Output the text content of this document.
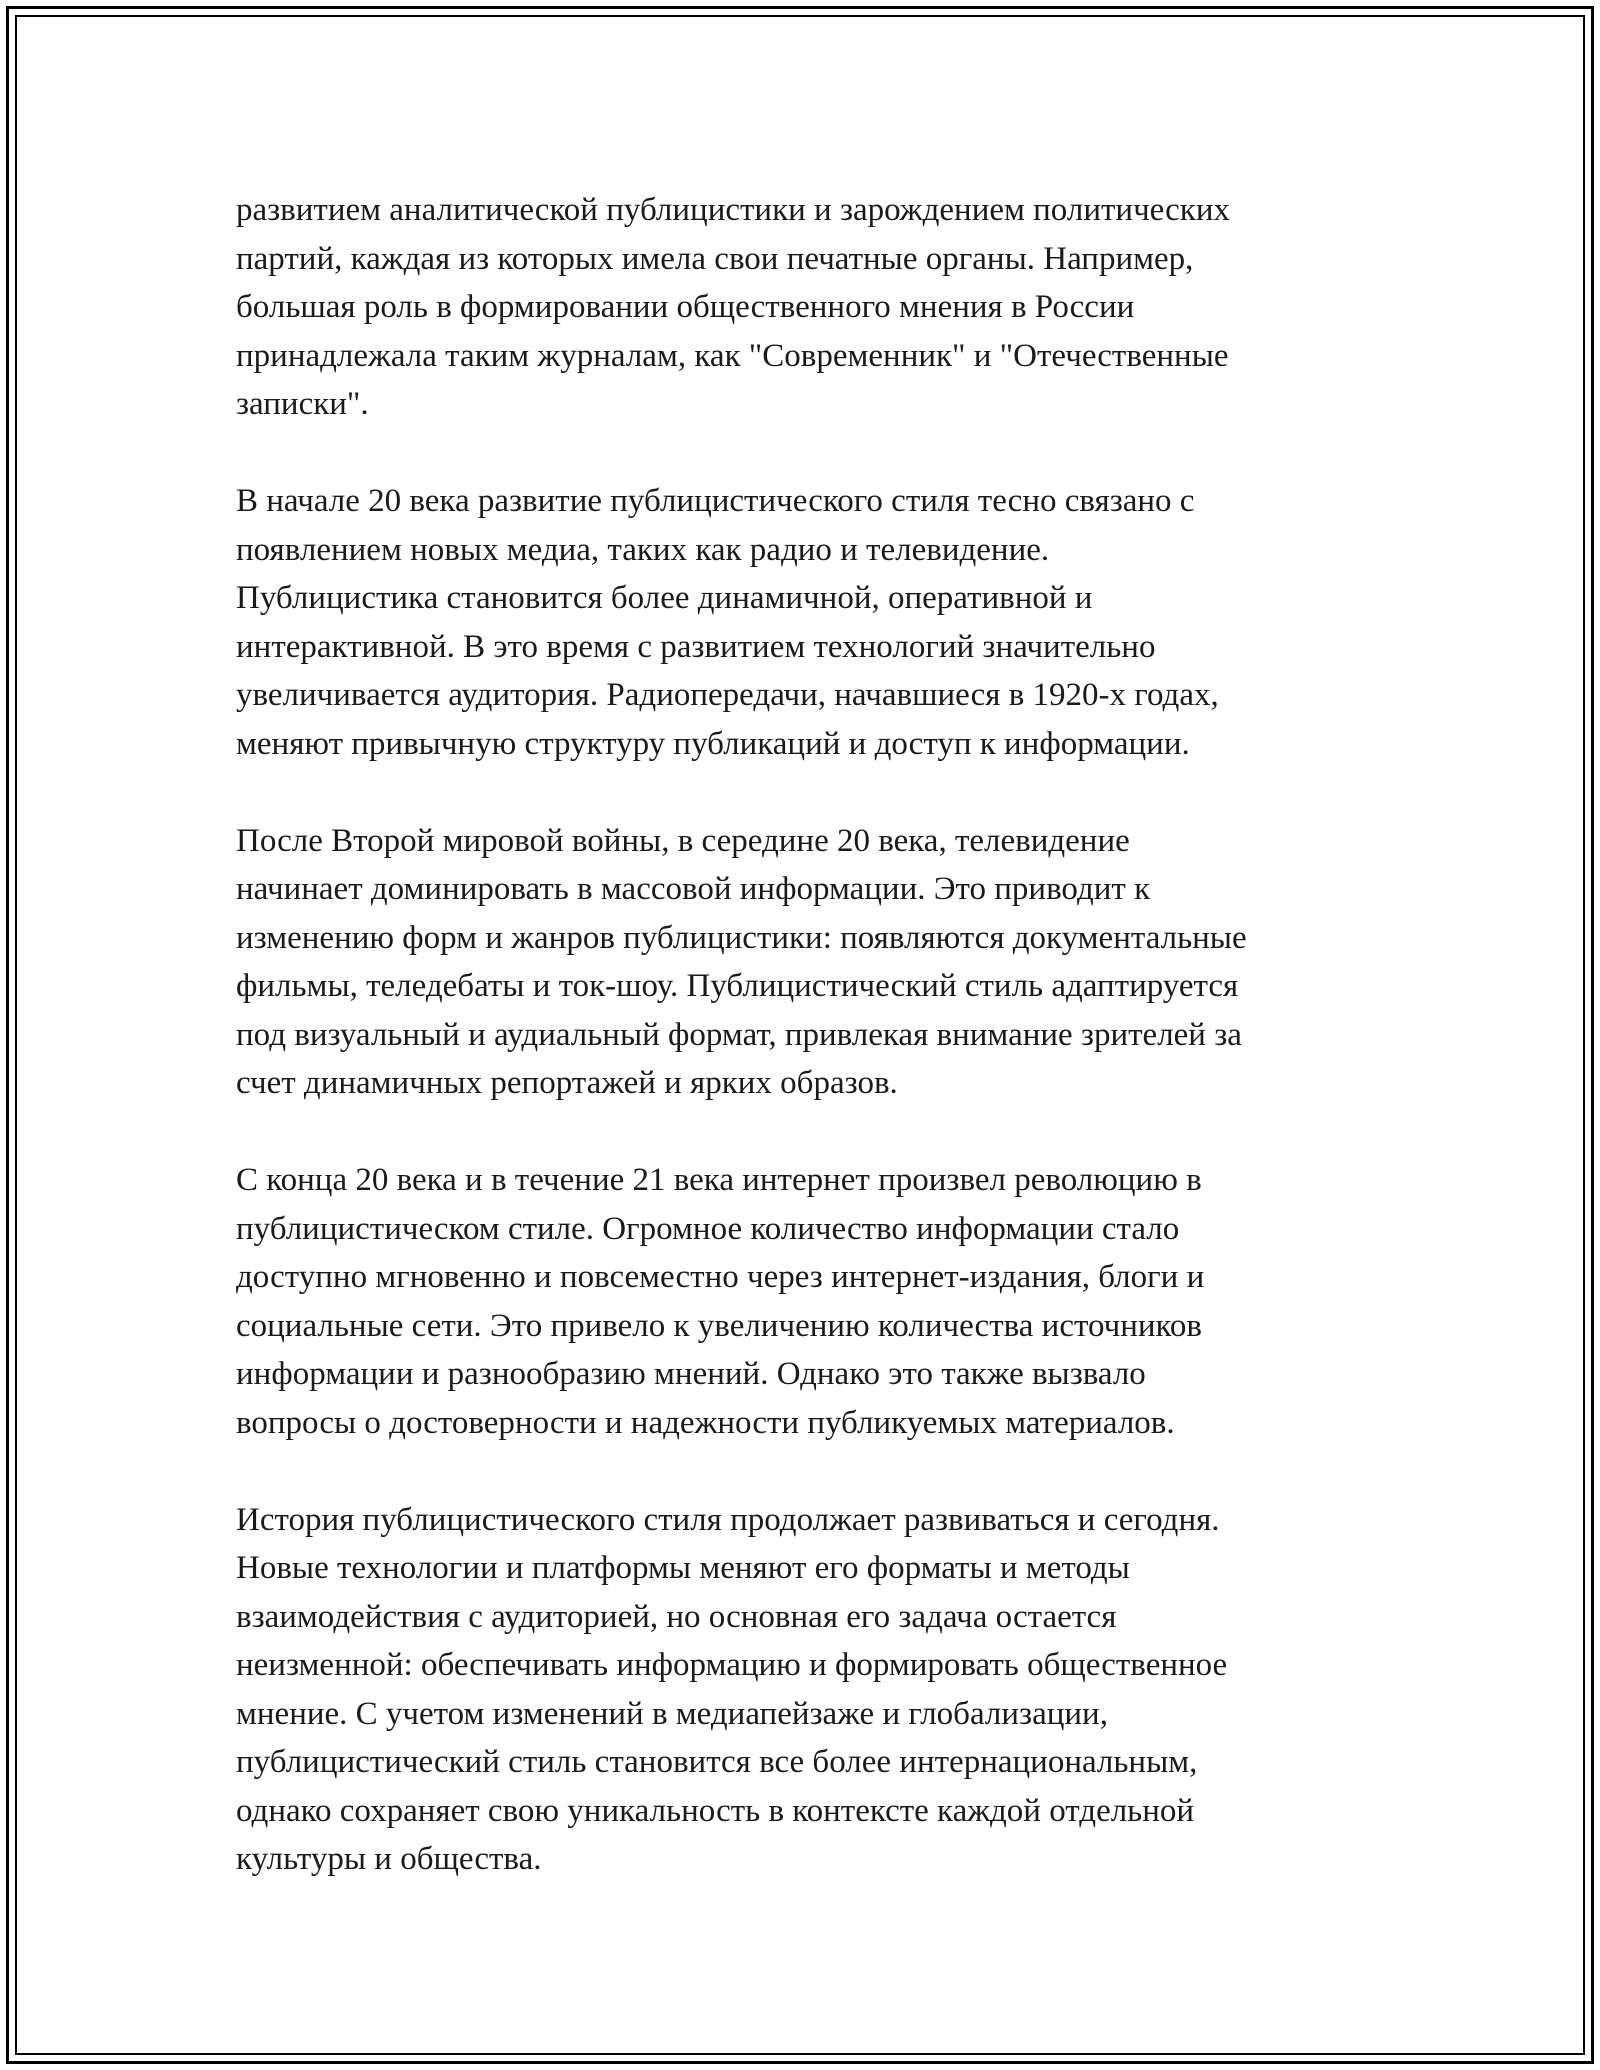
развитием аналитической публицистики и зарождением политических
партий, каждая из которых имела свои печатные органы. Например,
большая роль в формировании общественного мнения в России
принадлежала таким журналам, как "Современник" и "Отечественные
записки".

В начале 20 века развитие публицистического стиля тесно связано с
появлением новых медиа, таких как радио и телевидение.
Публицистика становится более динамичной, оперативной и
интерактивной. В это время с развитием технологий значительно
увеличивается аудитория. Радиопередачи, начавшиеся в 1920-х годах,
меняют привычную структуру публикаций и доступ к информации.

После Второй мировой войны, в середине 20 века, телевидение
начинает доминировать в массовой информации. Это приводит к
изменению форм и жанров публицистики: появляются документальные
фильмы, теледебаты и ток-шоу. Публицистический стиль адаптируется
под визуальный и аудиальный формат, привлекая внимание зрителей за
счет динамичных репортажей и ярких образов.

С конца 20 века и в течение 21 века интернет произвел революцию в
публицистическом стиле. Огромное количество информации стало
доступно мгновенно и повсеместно через интернет-издания, блоги и
социальные сети. Это привело к увеличению количества источников
информации и разнообразию мнений. Однако это также вызвало
вопросы о достоверности и надежности публикуемых материалов.

История публицистического стиля продолжает развиваться и сегодня.
Новые технологии и платформы меняют его форматы и методы
взаимодействия с аудиторией, но основная его задача остается
неизменной: обеспечивать информацию и формировать общественное
мнение. С учетом изменений в медиапейзаже и глобализации,
публицистический стиль становится все более интернациональным,
однако сохраняет свою уникальность в контексте каждой отдельной
культуры и общества.
